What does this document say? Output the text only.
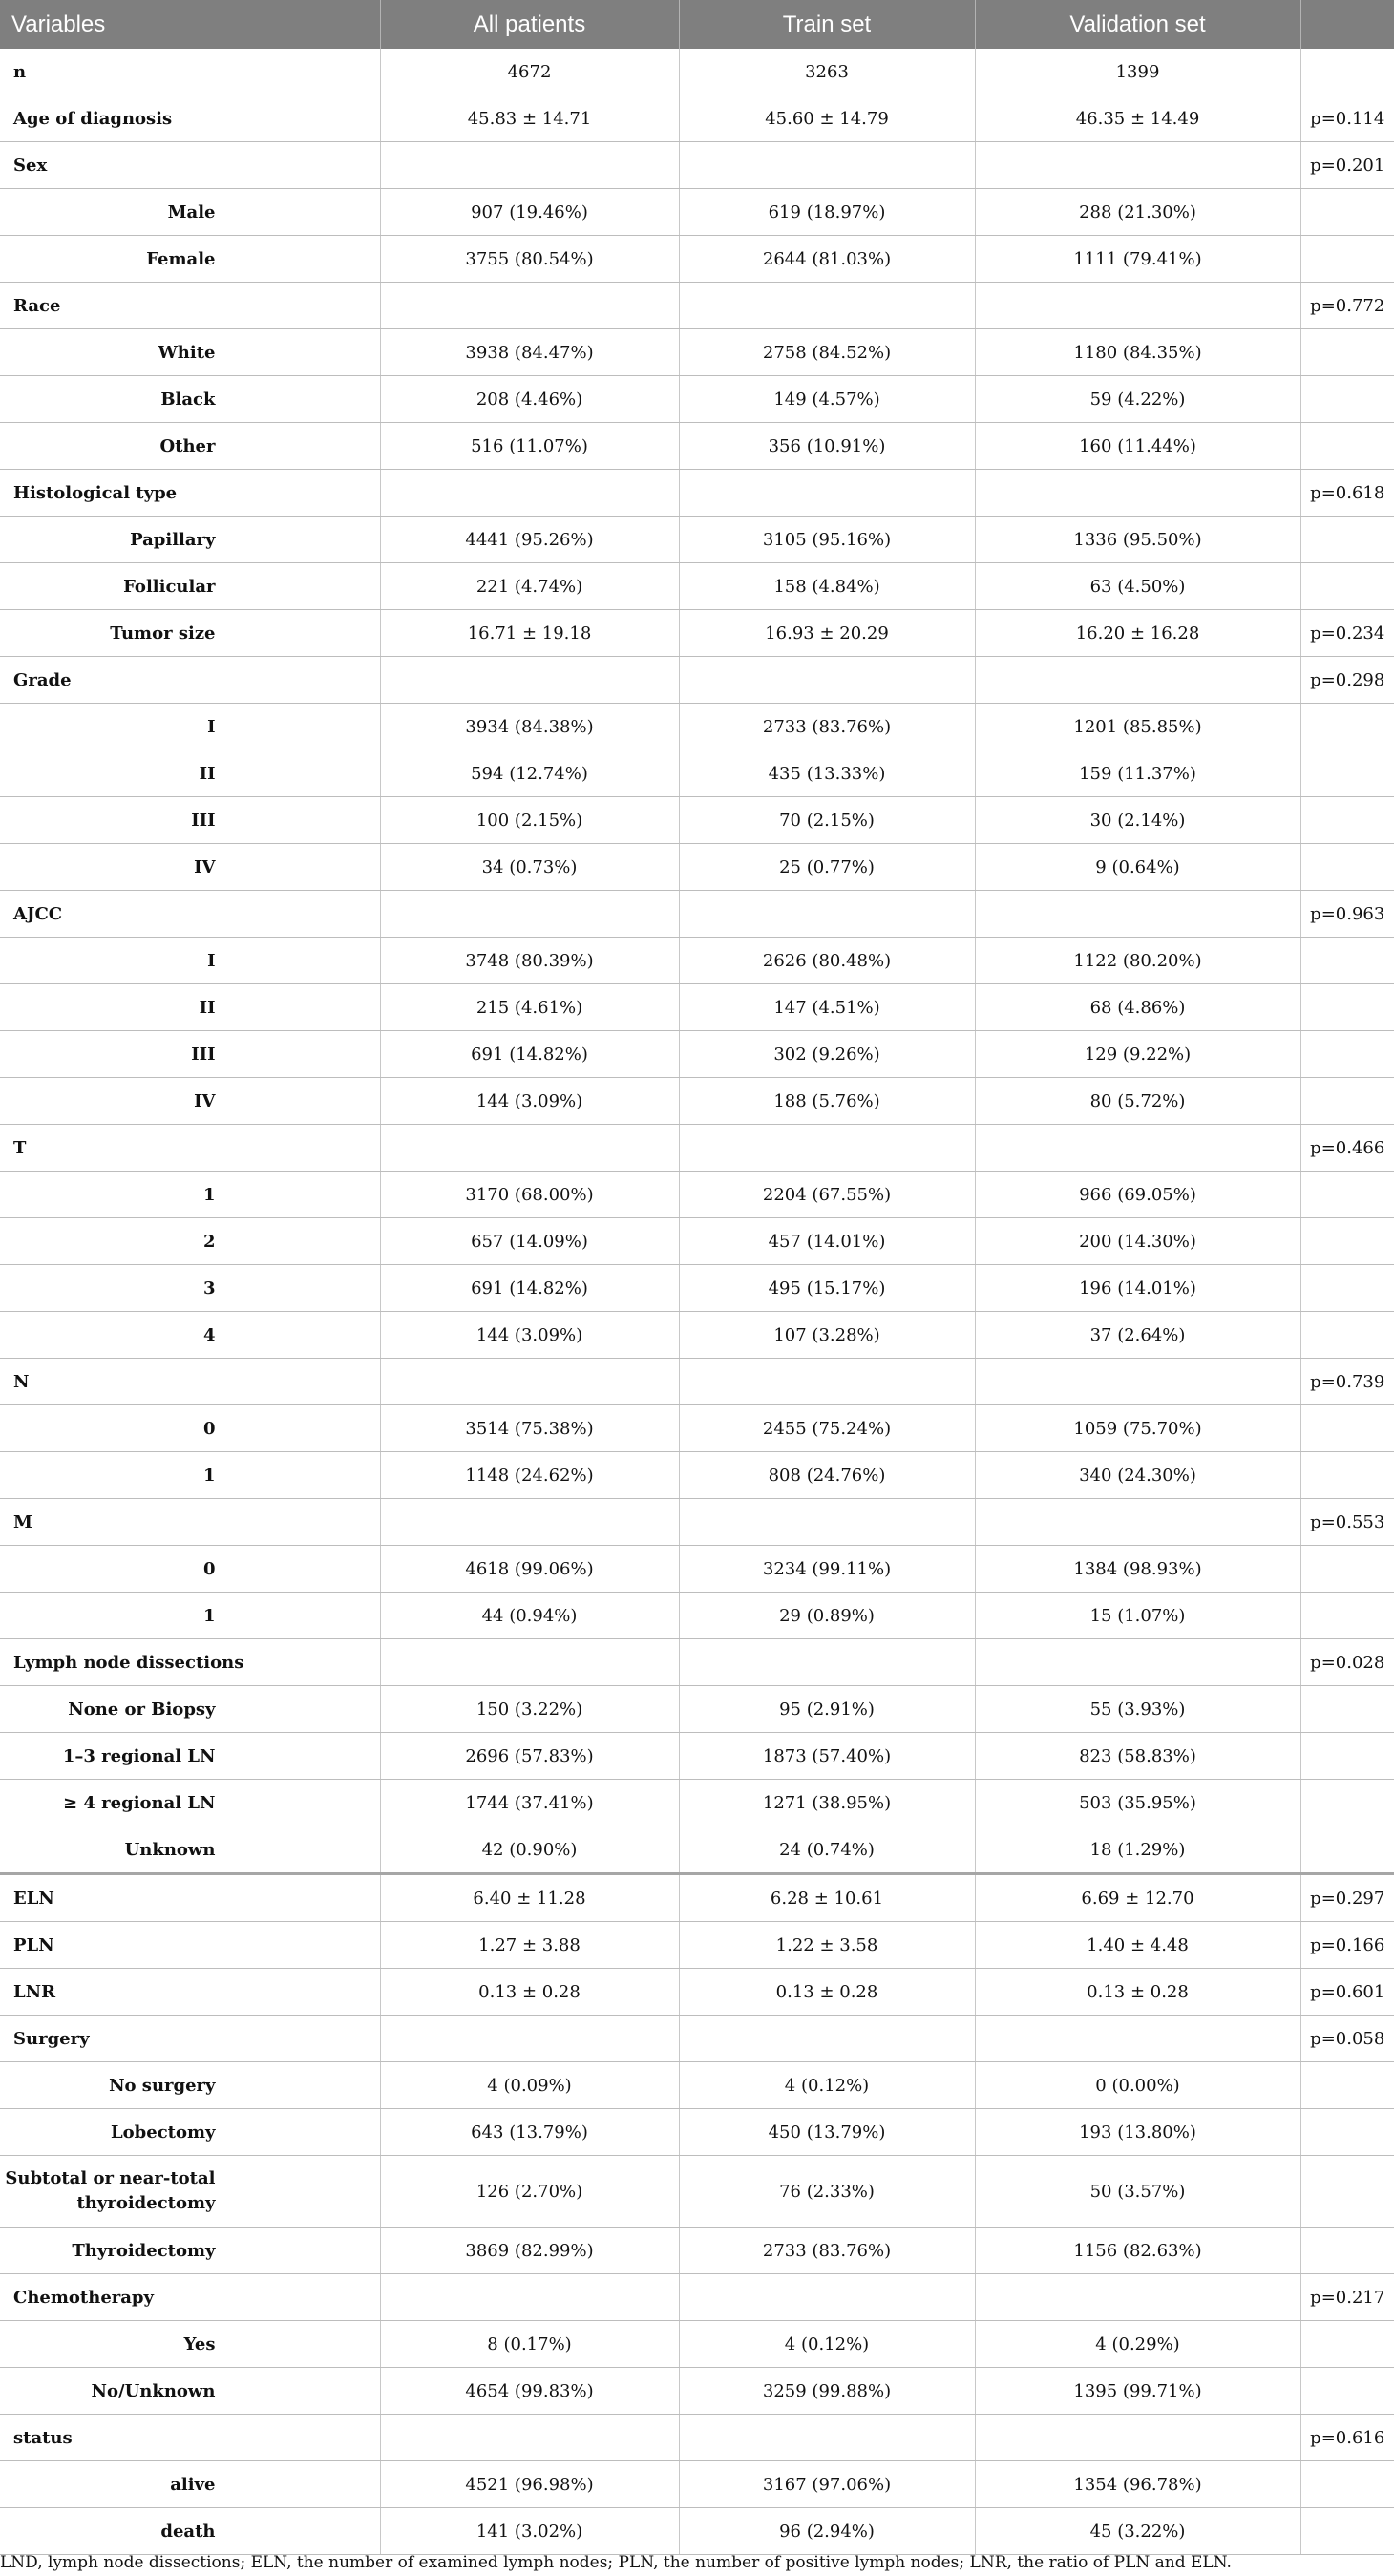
Variables	All patients	Train set	Validation set	
n	4672	3263	1399	
Age of diagnosis	45.83 ± 14.71	45.60 ± 14.79	46.35 ± 14.49	p=0.114
Sex				p=0.201
Male	907 (19.46%)	619 (18.97%)	288 (21.30%)	
Female	3755 (80.54%)	2644 (81.03%)	1111 (79.41%)	
Race				p=0.772
White	3938 (84.47%)	2758 (84.52%)	1180 (84.35%)	
Black	208 (4.46%)	149 (4.57%)	59 (4.22%)	
Other	516 (11.07%)	356 (10.91%)	160 (11.44%)	
Histological type				p=0.618
Papillary	4441 (95.26%)	3105 (95.16%)	1336 (95.50%)	
Follicular	221 (4.74%)	158 (4.84%)	63 (4.50%)	
Tumor size	16.71 ± 19.18	16.93 ± 20.29	16.20 ± 16.28	p=0.234
Grade				p=0.298
I	3934 (84.38%)	2733 (83.76%)	1201 (85.85%)	
II	594 (12.74%)	435 (13.33%)	159 (11.37%)	
III	100 (2.15%)	70 (2.15%)	30 (2.14%)	
IV	34 (0.73%)	25 (0.77%)	9 (0.64%)	
AJCC				p=0.963
I	3748 (80.39%)	2626 (80.48%)	1122 (80.20%)	
II	215 (4.61%)	147 (4.51%)	68 (4.86%)	
III	691 (14.82%)	302 (9.26%)	129 (9.22%)	
IV	144 (3.09%)	188 (5.76%)	80 (5.72%)	
T				p=0.466
1	3170 (68.00%)	2204 (67.55%)	966 (69.05%)	
2	657 (14.09%)	457 (14.01%)	200 (14.30%)	
3	691 (14.82%)	495 (15.17%)	196 (14.01%)	
4	144 (3.09%)	107 (3.28%)	37 (2.64%)	
N				p=0.739
0	3514 (75.38%)	2455 (75.24%)	1059 (75.70%)	
1	1148 (24.62%)	808 (24.76%)	340 (24.30%)	
M				p=0.553
0	4618 (99.06%)	3234 (99.11%)	1384 (98.93%)	
1	44 (0.94%)	29 (0.89%)	15 (1.07%)	
Lymph node dissections				p=0.028
None or Biopsy	150 (3.22%)	95 (2.91%)	55 (3.93%)	
1–3 regional LN	2696 (57.83%)	1873 (57.40%)	823 (58.83%)	
≥ 4 regional LN	1744 (37.41%)	1271 (38.95%)	503 (35.95%)	
Unknown	42 (0.90%)	24 (0.74%)	18 (1.29%)	
ELN	6.40 ± 11.28	6.28 ± 10.61	6.69 ± 12.70	p=0.297
PLN	1.27 ± 3.88	1.22 ± 3.58	1.40 ± 4.48	p=0.166
LNR	0.13 ± 0.28	0.13 ± 0.28	0.13 ± 0.28	p=0.601
Surgery				p=0.058
No surgery	4 (0.09%)	4 (0.12%)	0 (0.00%)	
Lobectomy	643 (13.79%)	450 (13.79%)	193 (13.80%)	
Subtotal or near-total thyroidectomy	126 (2.70%)	76 (2.33%)	50 (3.57%)	
Thyroidectomy	3869 (82.99%)	2733 (83.76%)	1156 (82.63%)	
Chemotherapy				p=0.217
Yes	8 (0.17%)	4 (0.12%)	4 (0.29%)	
No/Unknown	4654 (99.83%)	3259 (99.88%)	1395 (99.71%)	
status				p=0.616
alive	4521 (96.98%)	3167 (97.06%)	1354 (96.78%)	
death	141 (3.02%)	96 (2.94%)	45 (3.22%)	
LND, lymph node dissections; ELN, the number of examined lymph nodes; PLN, the number of positive lymph nodes; LNR, the ratio of PLN and ELN.
